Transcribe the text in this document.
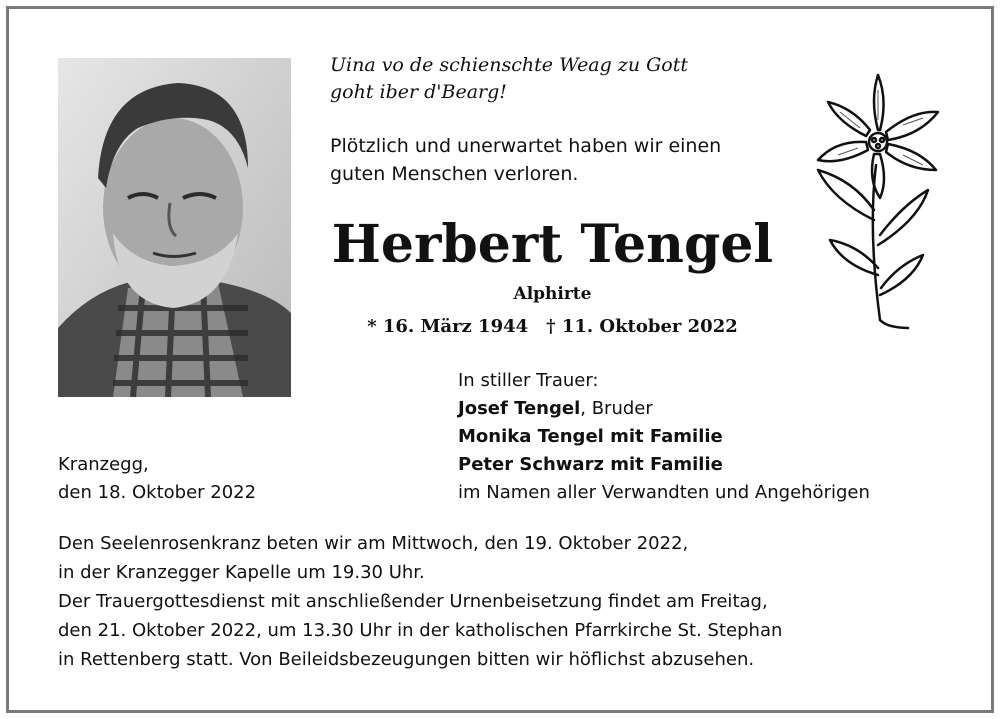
Uina vo de schienschte Weag zu Gott
goht iber d'Bearg!
Plötzlich und unerwartet haben wir einen
guten Menschen verloren.
Herbert Tengel
Alphirte
* 16. März 1944 † 11. Oktober 2022
In stiller Trauer:
Josef Tengel, Bruder
Monika Tengel mit Familie
Peter Schwarz mit Familie
im Namen aller Verwandten und Angehörigen
Kranzegg,
den 18. Oktober 2022
Den Seelenrosenkranz beten wir am Mittwoch, den 19. Oktober 2022,
in der Kranzegger Kapelle um 19.30 Uhr.
Der Trauergottesdienst mit anschließender Urnenbeisetzung findet am Freitag,
den 21. Oktober 2022, um 13.30 Uhr in der katholischen Pfarrkirche St. Stephan
in Rettenberg statt. Von Beileidsbezeugungen bitten wir höflichst abzusehen.
